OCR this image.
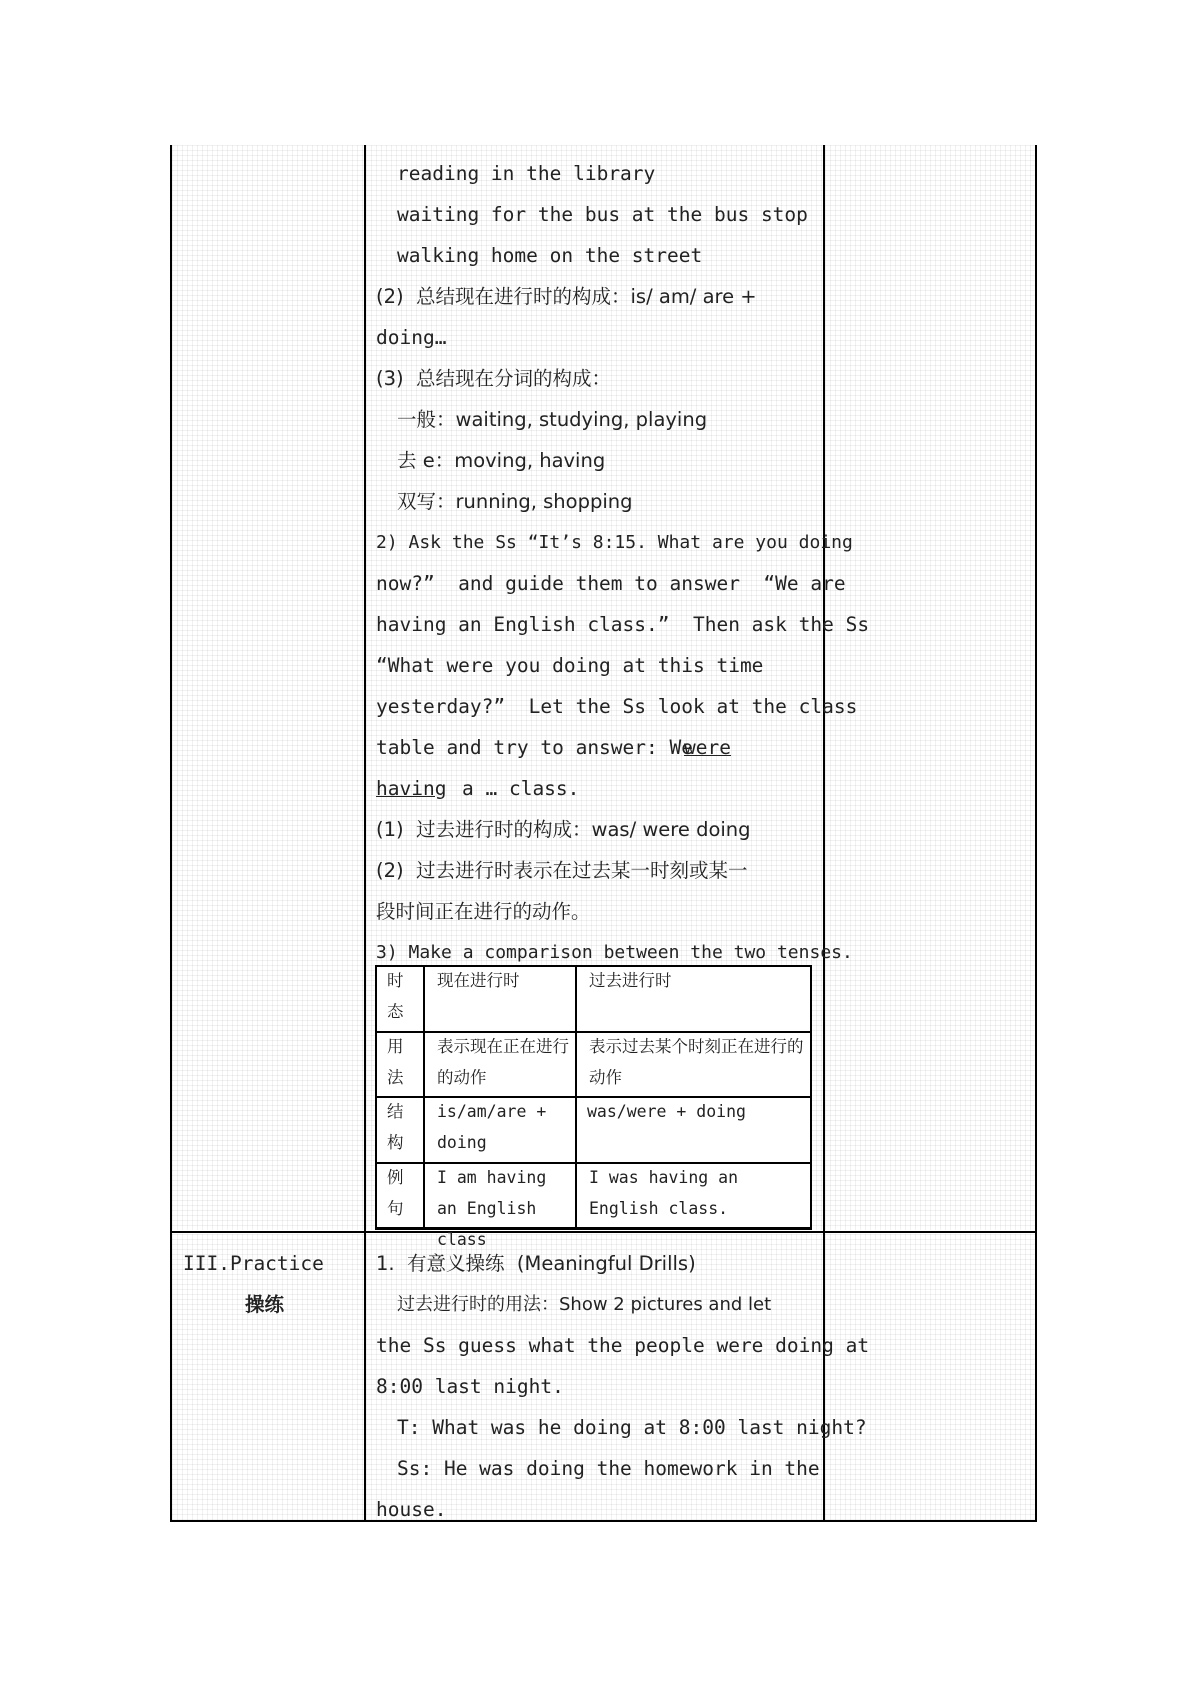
reading in the library
waiting for the bus at the bus stop
walking home on the street
(2)  总结现在进行时的构成：is/ am/ are +
doing…
(3)  总结现在分词的构成：
一般：waiting, studying, playing
去 e：moving, having
双写：running, shopping
2) Ask the Ss “It’s 8:15. What are you doing
now?”  and guide them to answer  “We are
having an English class.”  Then ask the Ss
“What were you doing at this time
yesterday?”  Let the Ss look at the class
table and try to answer: We
were
having a … class.
(1)  过去进行时的构成：was/ were doing
(2)  过去进行时表示在过去某一时刻或某一
段时间正在进行的动作。
3) Make a comparison between the two tenses.
时态
现在进行时	过去进行时
用法
表示现在正在进行的动作
表示过去某个时刻正在进行的动作
结构
is/am/are + doing
was/were + doing
例句
I am having an English class
I was having an English class.
III.Practice
操练
1.  有意义操练  (Meaningful Drills)
过去进行时的用法：Show 2 pictures and let
the Ss guess what the people were doing at
8:00 last night.
T: What was he doing at 8:00 last night?
Ss: He was doing the homework in the
house.
